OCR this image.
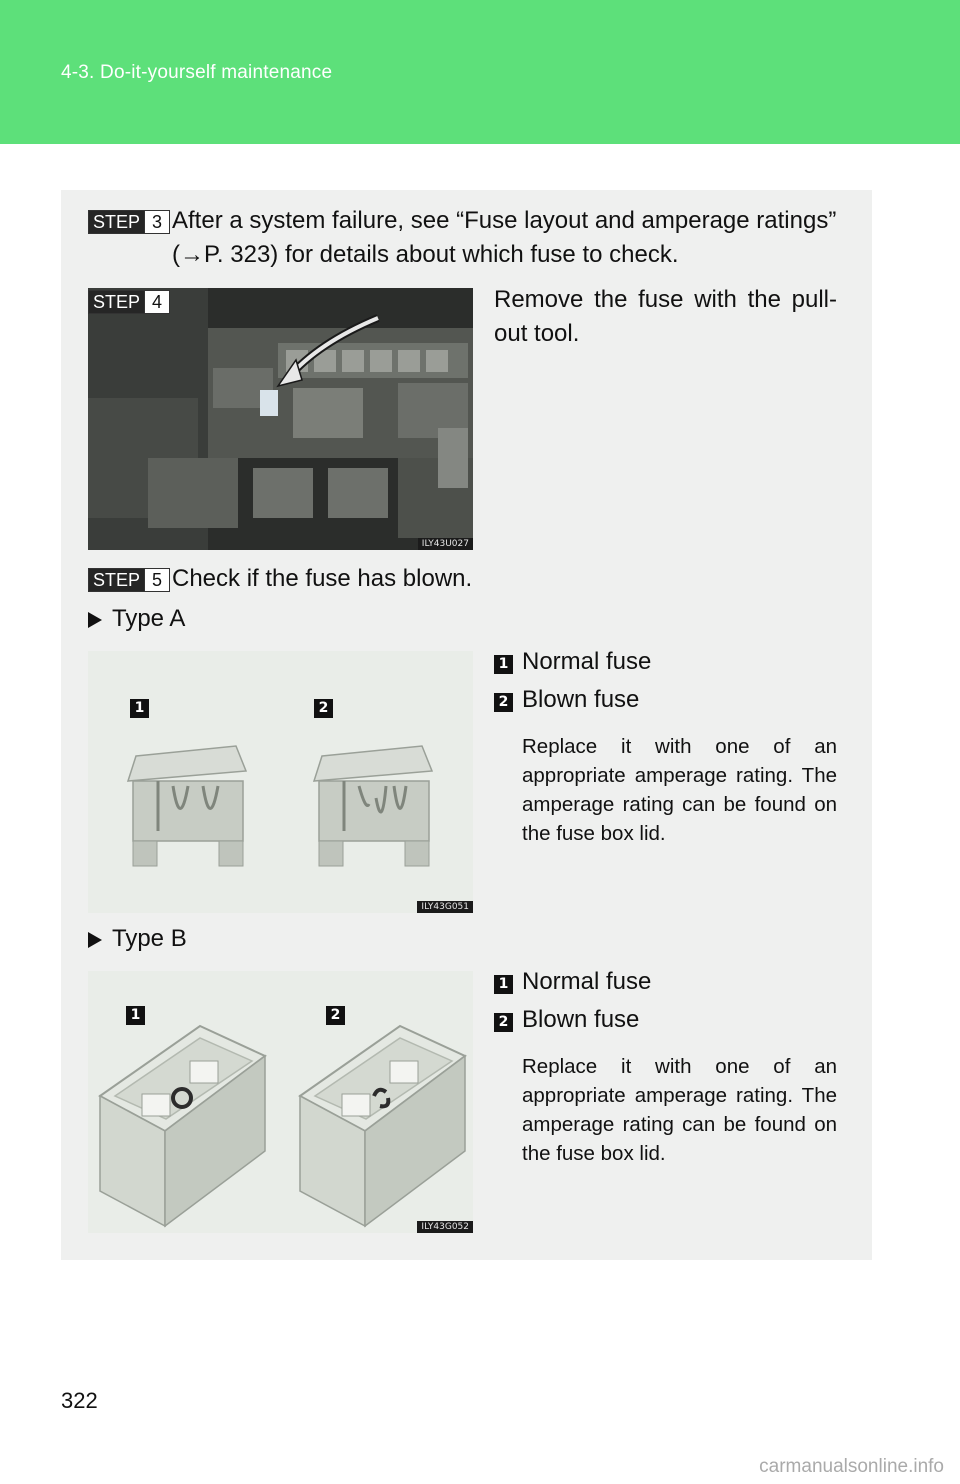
4-3. Do-it-yourself maintenance
STEP 3 After a system failure, see “Fuse layout and amperage ratings”
(→P. 323) for details about which fuse to check.
ILY43U027
STEP 4	Remove the fuse with the pull-out tool.
STEP 5 Check if the fuse has blown.
Type A
1	2
ILY43G051
1 Normal fuse
2 Blown fuse
Replace it with one of an appropriate amperage rating. The amperage rating can be found on the fuse box lid.
Type B
1	2
ILY43G052
1 Normal fuse
2 Blown fuse
Replace it with one of an appropriate amperage rating. The amperage rating can be found on the fuse box lid.
322
carmanualsonline.info
